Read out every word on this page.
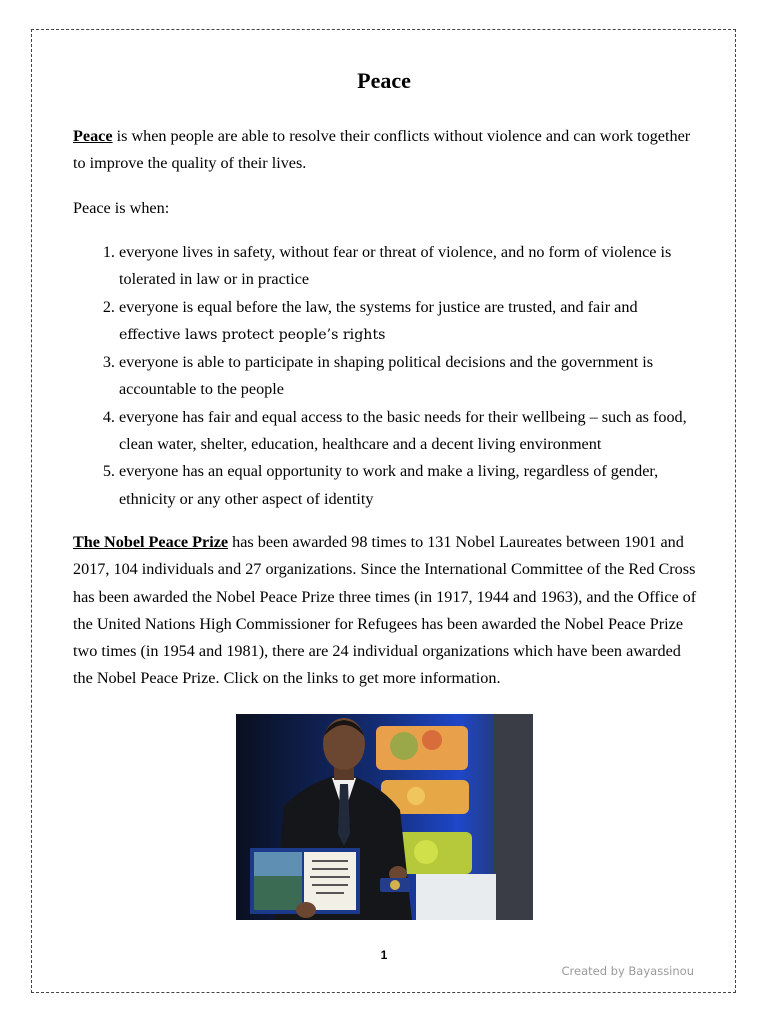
Peace

Peace is when people are able to resolve their conflicts without violence and can work together to improve the quality of their lives.

Peace is when:

1. everyone lives in safety, without fear or threat of violence, and no form of violence is tolerated in law or in practice
2. everyone is equal before the law, the systems for justice are trusted, and fair and effective laws protect people’s rights
3. everyone is able to participate in shaping political decisions and the government is accountable to the people
4. everyone has fair and equal access to the basic needs for their wellbeing – such as food, clean water, shelter, education, healthcare and a decent living environment
5. everyone has an equal opportunity to work and make a living, regardless of gender, ethnicity or any other aspect of identity

The Nobel Peace Prize has been awarded 98 times to 131 Nobel Laureates between 1901 and 2017, 104 individuals and 27 organizations. Since the International Committee of the Red Cross has been awarded the Nobel Peace Prize three times (in 1917, 1944 and 1963), and the Office of the United Nations High Commissioner for Refugees has been awarded the Nobel Peace Prize two times (in 1954 and 1981), there are 24 individual organizations which have been awarded the Nobel Peace Prize. Click on the links to get more information.

1
Created by Bayassinou
